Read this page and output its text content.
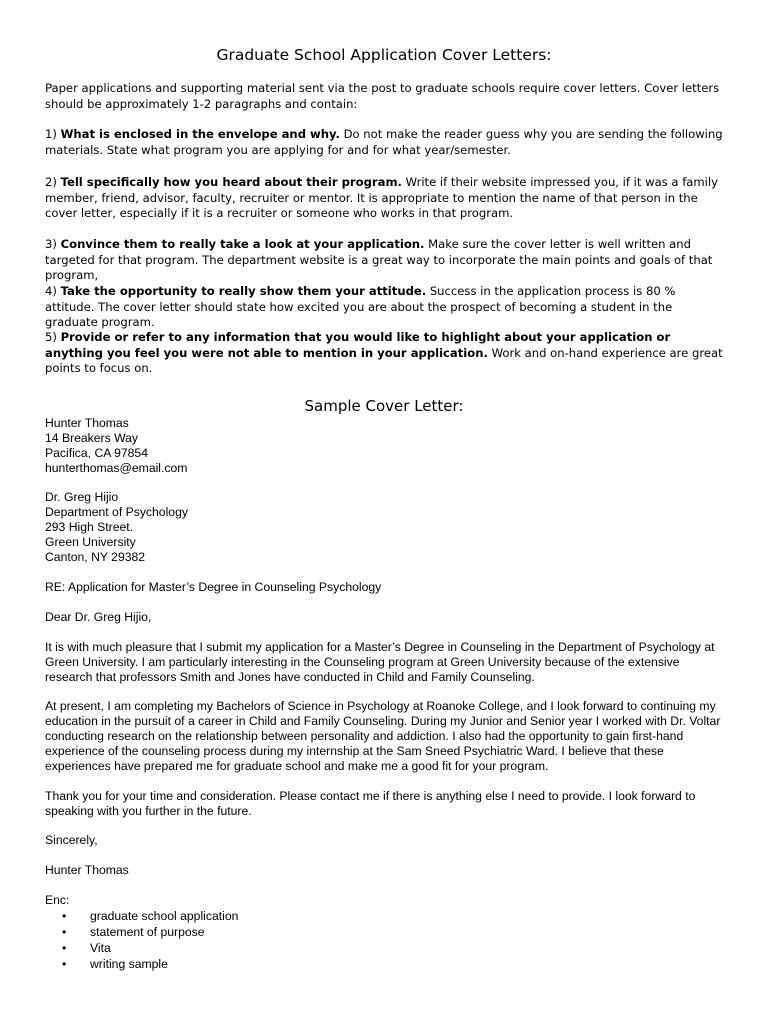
Graduate School Application Cover Letters:
Paper applications and supporting material sent via the post to graduate schools require cover letters. Cover letters should be approximately 1-2 paragraphs and contain:
1) What is enclosed in the envelope and why. Do not make the reader guess why you are sending the following materials. State what program you are applying for and for what year/semester.
2) Tell specifically how you heard about their program. Write if their website impressed you, if it was a family member, friend, advisor, faculty, recruiter or mentor. It is appropriate to mention the name of that person in the cover letter, especially if it is a recruiter or someone who works in that program.
3) Convince them to really take a look at your application. Make sure the cover letter is well written and targeted for that program. The department website is a great way to incorporate the main points and goals of that program,
4) Take the opportunity to really show them your attitude. Success in the application process is 80 % attitude. The cover letter should state how excited you are about the prospect of becoming a student in the graduate program.
5) Provide or refer to any information that you would like to highlight about your application or anything you feel you were not able to mention in your application. Work and on-hand experience are great points to focus on.
Sample Cover Letter:
Hunter Thomas
14 Breakers Way
Pacifica, CA 97854
hunterthomas@email.com
Dr. Greg Hijio
Department of Psychology
293 High Street.
Green University
Canton, NY 29382
RE: Application for Master’s Degree in Counseling Psychology
Dear Dr. Greg Hijio,
It is with much pleasure that I submit my application for a Master’s Degree in Counseling in the Department of Psychology at Green University. I am particularly interesting in the Counseling program at Green University because of the extensive research that professors Smith and Jones have conducted in Child and Family Counseling.
At present, I am completing my Bachelors of Science in Psychology at Roanoke College, and I look forward to continuing my education in the pursuit of a career in Child and Family Counseling. During my Junior and Senior year I worked with Dr. Voltar conducting research on the relationship between personality and addiction. I also had the opportunity to gain first-hand experience of the counseling process during my internship at the Sam Sneed Psychiatric Ward. I believe that these experiences have prepared me for graduate school and make me a good fit for your program.
Thank you for your time and consideration. Please contact me if there is anything else I need to provide. I look forward to speaking with you further in the future.
Sincerely,
Hunter Thomas
Enc:
• graduate school application
• statement of purpose
• Vita
• writing sample
